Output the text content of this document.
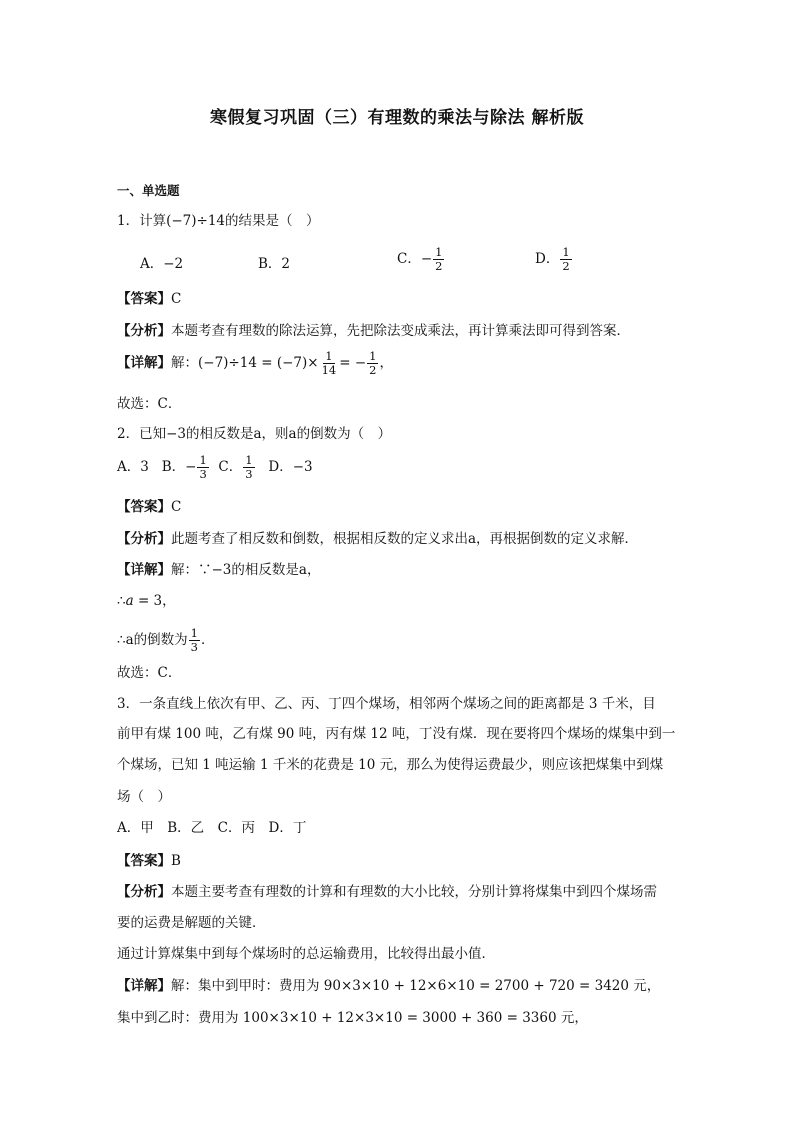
寒假复习巩固（三）有理数的乘法与除法 解析版
一、单选题
1．计算(−7)÷14的结果是（　）
A．−2	B．2	C．− $\frac{1}{2}$	D． $\frac{1}{2}$
【答案】C
【分析】本题考查有理数的除法运算，先把除法变成乘法，再计算乘法即可得到答案．
【详解】解：$(-7)\div 14 = (-7)\times \frac{1}{14}$ = − $\frac{1}{2}$ ，
故选：C．
2．已知−3的相反数是a，则a的倒数为（　）
A．3 B．− $\frac{1}{3}$ C． $\frac{1}{3}$ D．−3
【答案】C
【分析】此题考查了相反数和倒数，根据相反数的定义求出a，再根据倒数的定义求解．
【详解】解：∵−3的相反数是a，
∴a = 3，
∴a的倒数为 $\frac{1}{3}$ ．
故选：C．
3．一条直线上依次有甲、乙、丙、丁四个煤场，相邻两个煤场之间的距离都是 3 千米，目
前甲有煤 100 吨，乙有煤 90 吨，丙有煤 12 吨，丁没有煤．现在要将四个煤场的煤集中到一
个煤场，已知 1 吨运输 1 千米的花费是 10 元，那么为使得运费最少，则应该把煤集中到煤
场（　）
A．甲　B．乙　C．丙　D．丁
【答案】B
【分析】本题主要考查有理数的计算和有理数的大小比较，分别计算将煤集中到四个煤场需
要的运费是解题的关键．
通过计算煤集中到每个煤场时的总运输费用，比较得出最小值．
【详解】解：集中到甲时：费用为 90×3×10 + 12×6×10 = 2700 + 720 = 3420 元，
集中到乙时：费用为 100×3×10 + 12×3×10 = 3000 + 360 = 3360 元，
